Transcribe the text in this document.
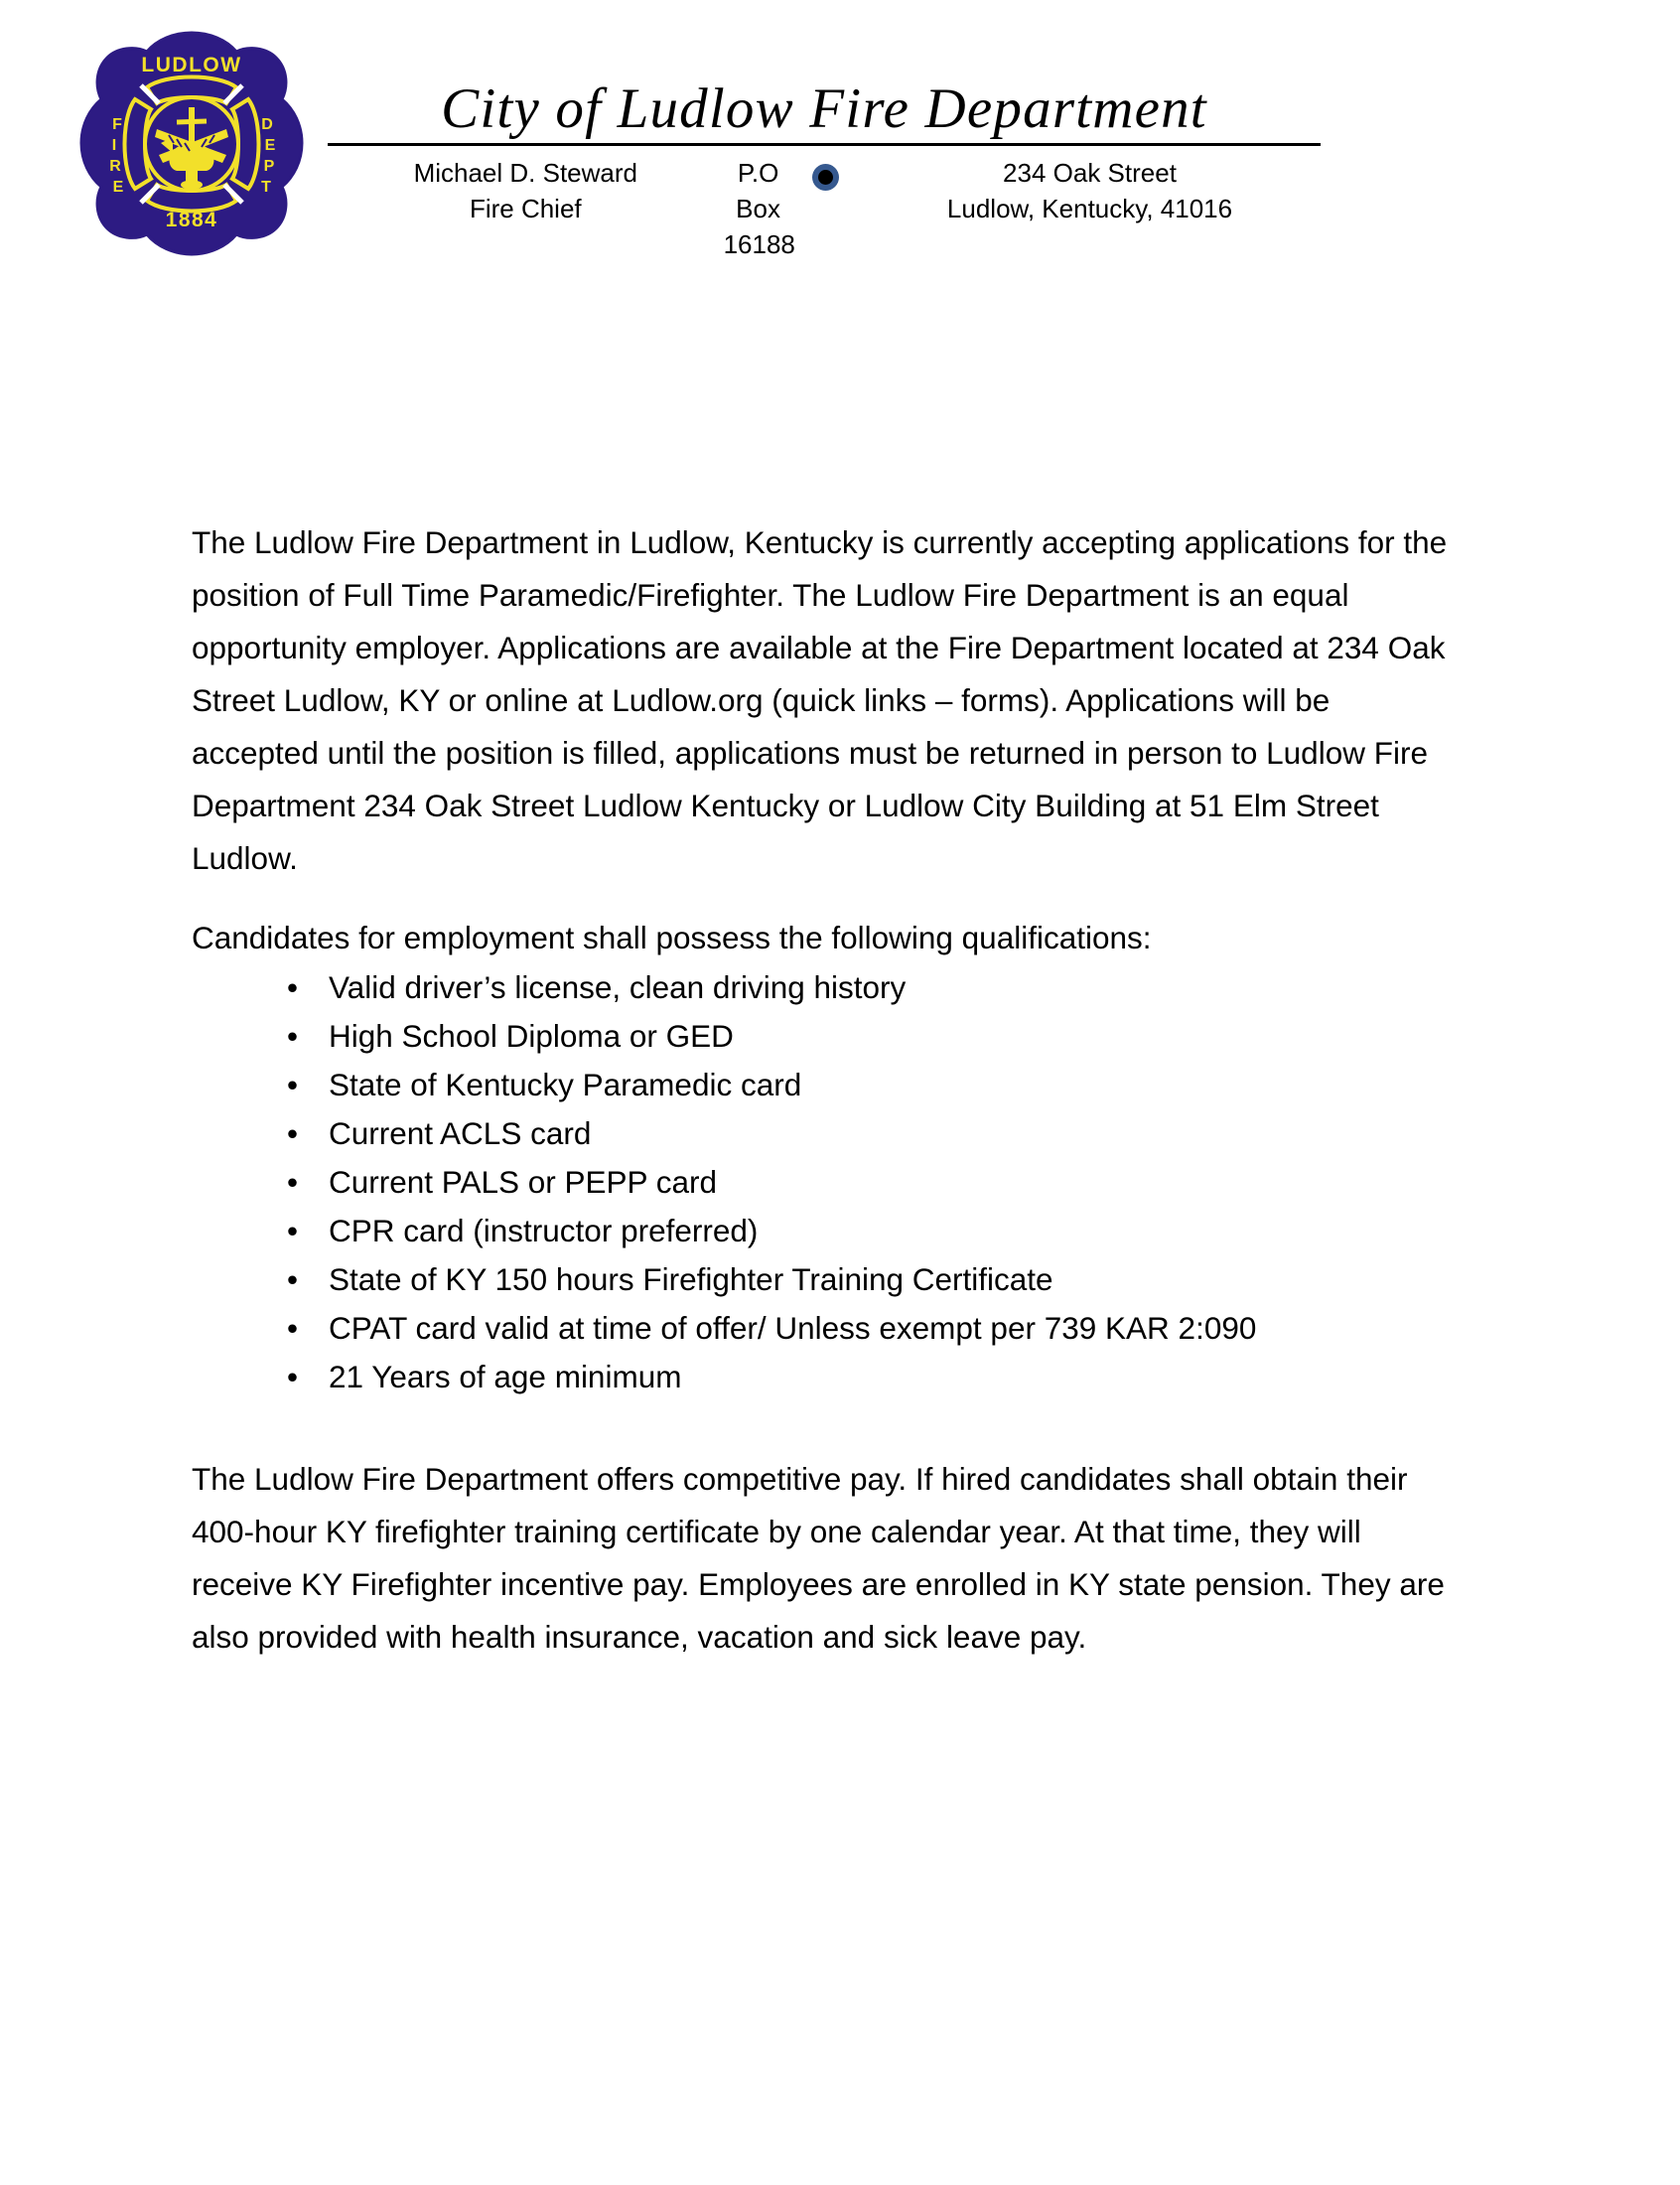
LUDLOW
F
I
R
E
D
E
P
T
1884
City of Ludlow Fire Department
Michael D. Steward
Fire Chief
P.O Box 16188
234 Oak Street
Ludlow, Kentucky, 41016

The Ludlow Fire Department in Ludlow, Kentucky is currently accepting applications for the position of Full Time Paramedic/Firefighter. The Ludlow Fire Department is an equal opportunity employer. Applications are available at the Fire Department located at 234 Oak Street Ludlow, KY or online at Ludlow.org (quick links – forms). Applications will be accepted until the position is filled, applications must be returned in person to Ludlow Fire Department 234 Oak Street Ludlow Kentucky or Ludlow City Building at 51 Elm Street Ludlow.

Candidates for employment shall possess the following qualifications:

• Valid driver’s license, clean driving history
• High School Diploma or GED
• State of Kentucky Paramedic card
• Current ACLS card
• Current PALS or PEPP card
• CPR card (instructor preferred)
• State of KY 150 hours Firefighter Training Certificate
• CPAT card valid at time of offer/ Unless exempt per 739 KAR 2:090
• 21 Years of age minimum

The Ludlow Fire Department offers competitive pay. If hired candidates shall obtain their 400-hour KY firefighter training certificate by one calendar year. At that time, they will receive KY Firefighter incentive pay. Employees are enrolled in KY state pension. They are also provided with health insurance, vacation and sick leave pay.
